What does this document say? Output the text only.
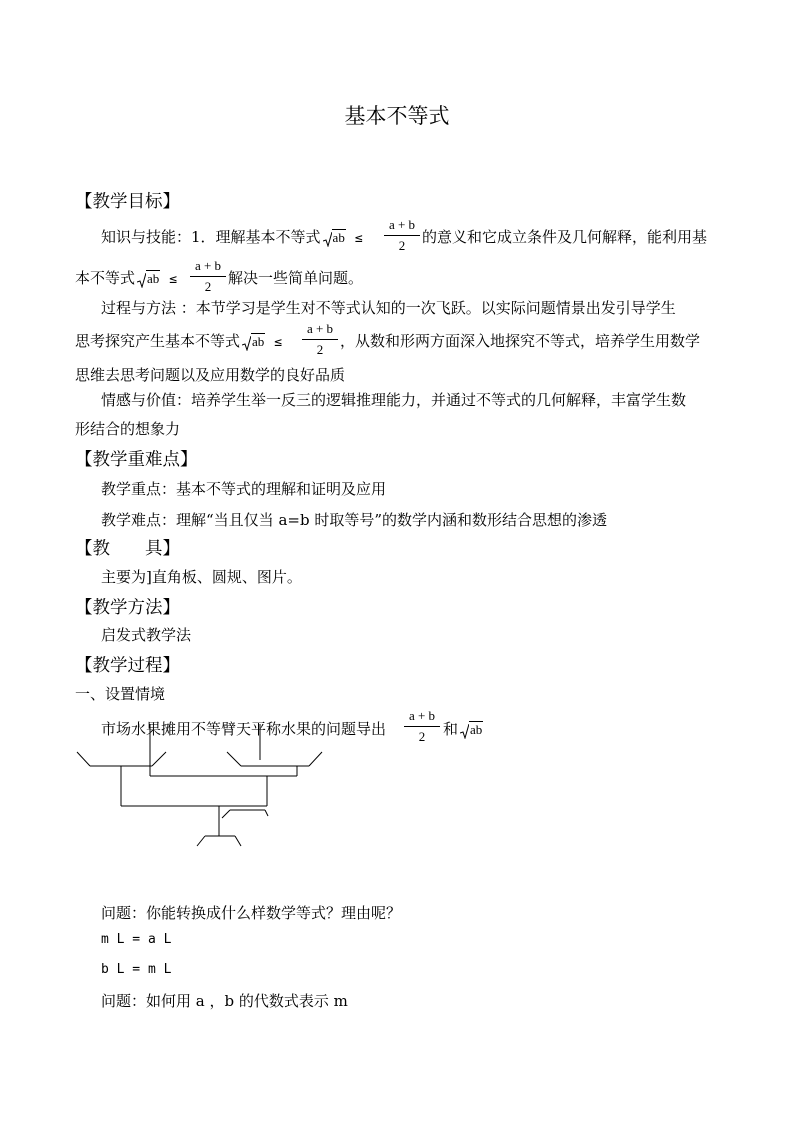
基本不等式
【教学目标】
知识与技能：1．理解基本不等式 ab ≤
a + b
2	的意义和它成立条件及几何解释，能利用基
本不等式 ab ≤
a + b
2	解决一些简单问题。
过程与方法 ：本节学习是学生对不等式认知的一次飞跃。以实际问题情景出发引导学生
思考探究产生基本不等式 ab ≤
a + b
2	，从数和形两方面深入地探究不等式，培养学生用数学
思维去思考问题以及应用数学的良好品质
情感与价值：培养学生举一反三的逻辑推理能力，并通过不等式的几何解释，丰富学生数
形结合的想象力
【教学重难点】
教学重点：基本不等式的理解和证明及应用
教学难点：理解“当且仅当 a=b 时取等号”的数学内涵和数形结合思想的渗透
【教　　具】
主要为]直角板、圆规、图片。
【教学方法】
启发式教学法
【教学过程】
一、设置情境
市场水果摊用不等臂天平称水果的问题导出
a + b
2	和 ab
问题：你能转换成什么样数学等式？理由呢？
m L = a L
b L = m L
问题：如何用 a ，b 的代数式表示 m
